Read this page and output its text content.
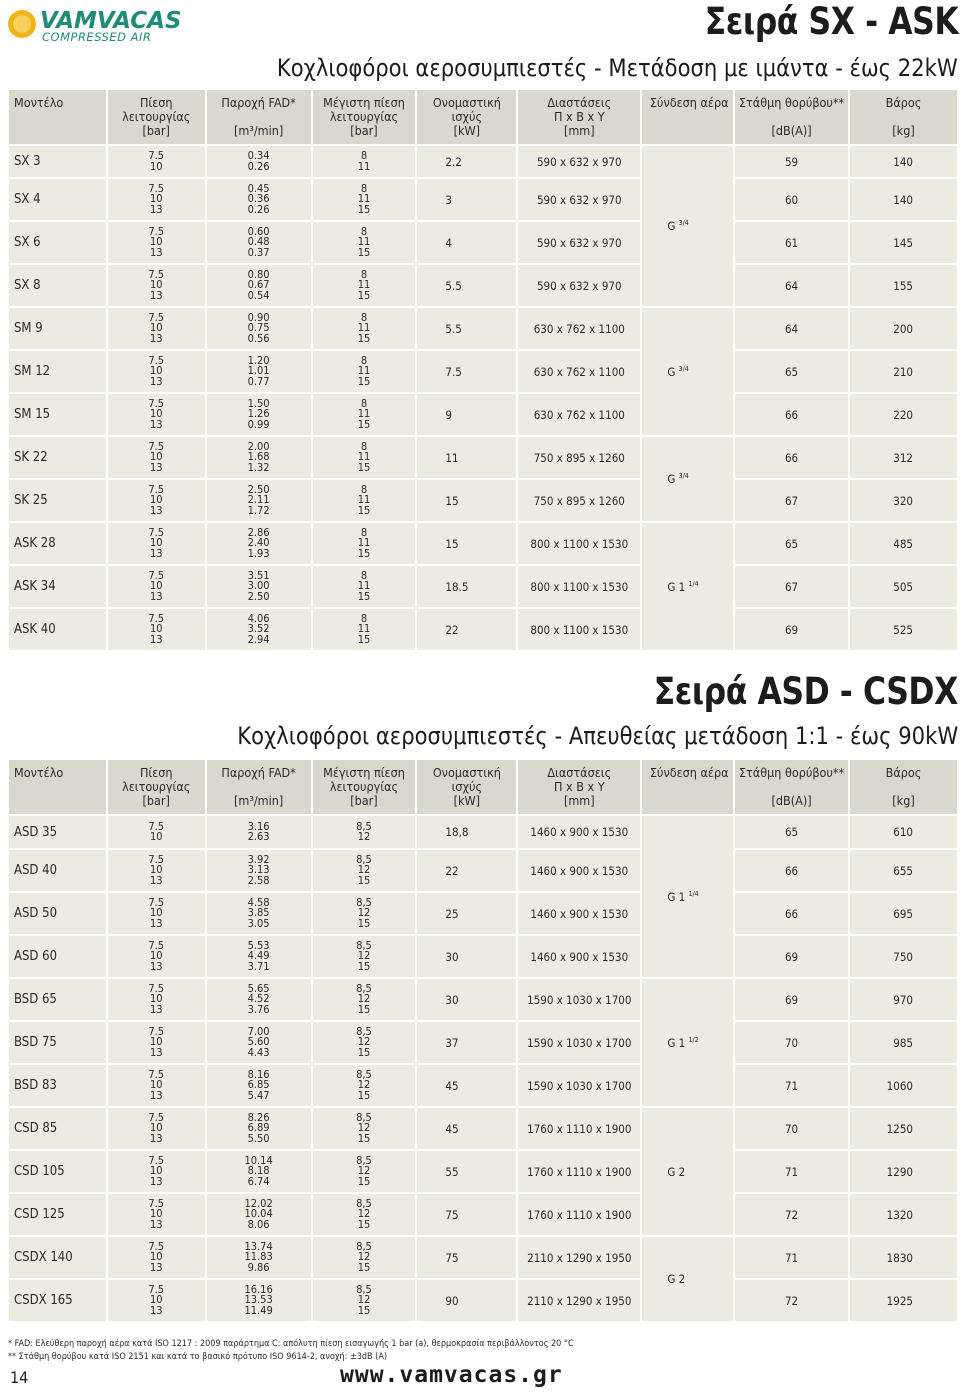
VAMVACAS
COMPRESSED AIR	Σειρά SX - ASK
Κοχλιοφόροι αεροσυμπιεστές - Μετάδοση με ιμάντα - έως 22kW
Μοντέλο	Πίεση
λειτουργίας
[bar]	Παροχή FAD*

[m³/min]	Μέγιστη πίεση
λειτουργίας
[bar]	Ονομαστική
ισχύς
[kW]	Διαστάσεις
Π x B x Y
[mm]	Σύνδεση αέρα	Στάθμη θορύβου**

[dB(A)]	Βάρος

[kg]

SX 3	7.5
10	0.34
0.26	8
11	2.2	590 x 632 x 970	G $^{3/4}$	59	140
SX 4	7.5
10
13	0.45
0.36
0.26	8
11
15	3	590 x 632 x 970		60	140
SX 6	7.5
10
13	0.60
0.48
0.37	8
11
15	4	590 x 632 x 970		61	145
SX 8	7.5
10
13	0.80
0.67
0.54	8
11
15	5.5	590 x 632 x 970		64	155
SM 9	7.5
10
13	0.90
0.75
0.56	8
11
15	5.5	630 x 762 x 1100	G $^{3/4}$	64	200
SM 12	7.5
10
13	1.20
1.01
0.77	8
11
15	7.5	630 x 762 x 1100		65	210
SM 15	7.5
10
13	1.50
1.26
0.99	8
11
15	9	630 x 762 x 1100		66	220
SK 22	7.5
10
13	2.00
1.68
1.32	8
11
15	11	750 x 895 x 1260	G $^{3/4}$	66	312
SK 25	7.5
10
13	2.50
2.11
1.72	8
11
15	15	750 x 895 x 1260		67	320
ASK 28	7.5
10
13	2.86
2.40
1.93	8
11
15	15	800 x 1100 x 1530	G 1 $^{1/4}$	65	485
ASK 34	7.5
10
13	3.51
3.00
2.50	8
11
15	18.5	800 x 1100 x 1530		67	505
ASK 40	7.5
10
13	4.06
3.52
2.94	8
11
15	22	800 x 1100 x 1530		69	525
Σειρά ASD - CSDX
Κοχλιοφόροι αεροσυμπιεστές - Απευθείας μετάδοση 1:1 - έως 90kW
Μοντέλο	Πίεση
λειτουργίας
[bar]	Παροχή FAD*

[m³/min]	Μέγιστη πίεση
λειτουργίας
[bar]	Ονομαστική
ισχύς
[kW]	Διαστάσεις
Π x B x Y
[mm]	Σύνδεση αέρα	Στάθμη θορύβου**

[dB(A)]	Βάρος

[kg]

ASD 35	7.5
10	3.16
2.63	8,5
12	18,8	1460 x 900 x 1530	G 1 $^{1/4}$	65	610
ASD 40	7.5
10
13	3.92
3.13
2.58	8,5
12
15	22	1460 x 900 x 1530		66	655
ASD 50	7.5
10
13	4.58
3.85
3.05	8,5
12
15	25	1460 x 900 x 1530		66	695
ASD 60	7.5
10
13	5.53
4.49
3.71	8,5
12
15	30	1460 x 900 x 1530		69	750
BSD 65	7.5
10
13	5.65
4.52
3.76	8,5
12
15	30	1590 x 1030 x 1700	G 1 $^{1/2}$	69	970
BSD 75	7.5
10
13	7.00
5.60
4.43	8,5
12
15	37	1590 x 1030 x 1700		70	985
BSD 83	7.5
10
13	8.16
6.85
5.47	8,5
12
15	45	1590 x 1030 x 1700		71	1060
CSD 85	7.5
10
13	8.26
6.89
5.50	8,5
12
15	45	1760 x 1110 x 1900	G 2	70	1250
CSD 105	7.5
10
13	10.14
8.18
6.74	8,5
12
15	55	1760 x 1110 x 1900		71	1290
CSD 125	7.5
10
13	12.02
10.04
8.06	8,5
12
15	75	1760 x 1110 x 1900		72	1320
CSDX 140	7.5
10
13	13.74
11.83
9.86	8,5
12
15	75	2110 x 1290 x 1950	G 2	71	1830
CSDX 165	7.5
10
13	16.16
13.53
11.49	8,5
12
15	90	2110 x 1290 x 1950		72	1925
* FAD: Ελεύθερη παροχή αέρα κατά ISO 1217 : 2009 παράρτημα C: απόλυτη πίεση εισαγωγής 1 bar (a), θερμοκρασία περιβάλλοντος 20 °C
** Στάθμη θορύβου κατά ISO 2151 και κατά το βασικό πρότυπο ISO 9614-2, ανοχή: ±3dB (A)
14	www.vamvacas.gr
